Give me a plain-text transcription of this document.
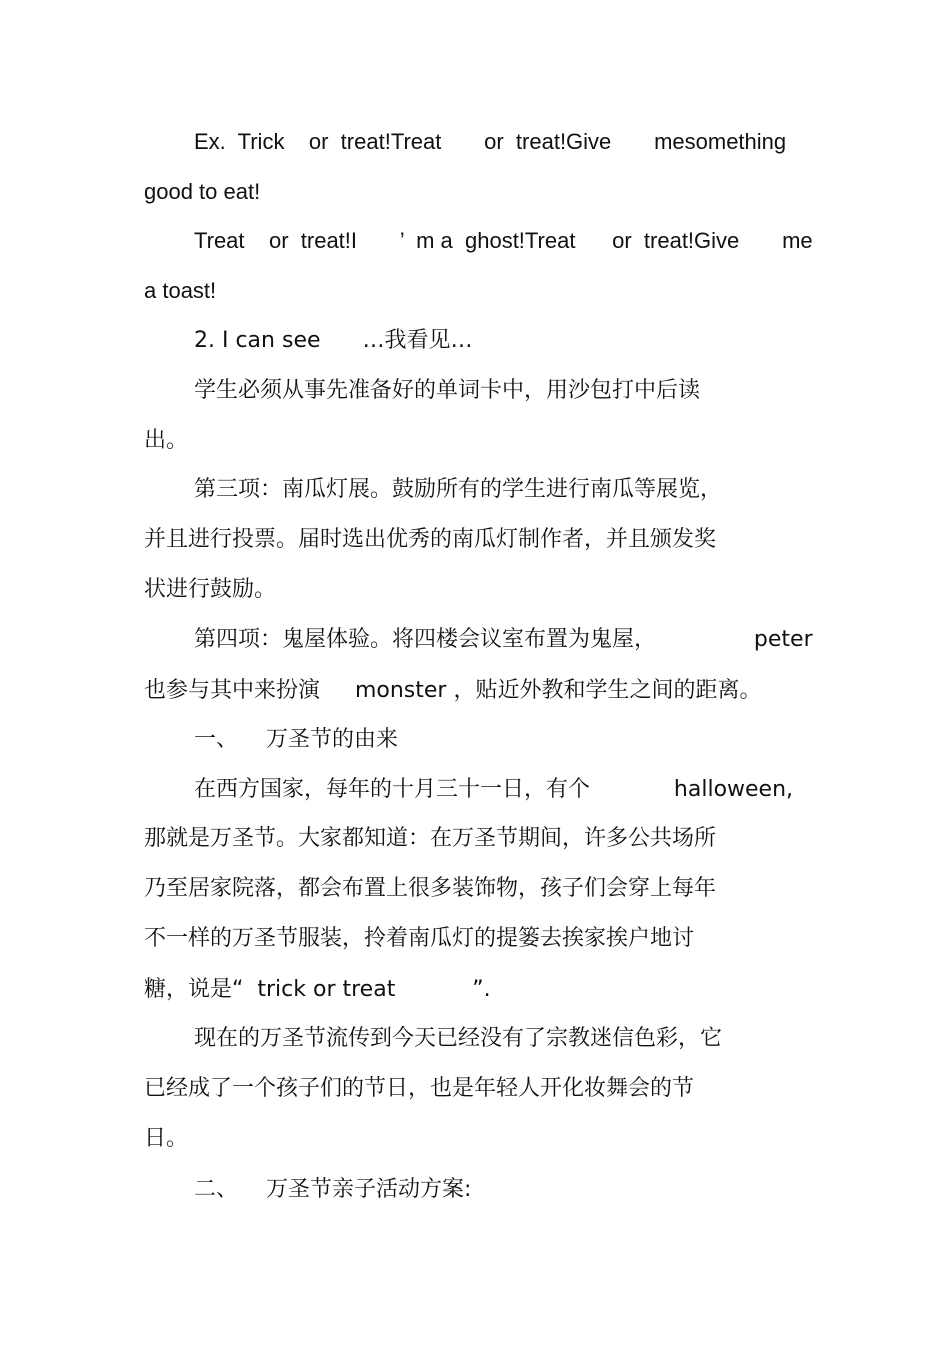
Ex.  Trick    or  treat!Treat       or  treat!Give       mesomething
good to eat!
Treat    or  treat!I       ’  m a  ghost!Treat      or  treat!Give       me
a toast!
2. I can see      …我看见…
学生必须从事先准备好的单词卡中，用沙包打中后读
出。
第三项：南瓜灯展。鼓励所有的学生进行南瓜等展览，
并且进行投票。届时选出优秀的南瓜灯制作者，并且颁发奖
状进行鼓励。
第四项：鬼屋体验。将四楼会议室布置为鬼屋，              peter
也参与其中来扮演     monster ，贴近外教和学生之间的距离。
一、    万圣节的由来
在西方国家，每年的十月三十一日，有个            halloween,
那就是万圣节。大家都知道：在万圣节期间，许多公共场所
乃至居家院落，都会布置上很多装饰物，孩子们会穿上每年
不一样的万圣节服装，拎着南瓜灯的提篓去挨家挨户地讨
糖，说是“  trick or treat           ”.
现在的万圣节流传到今天已经没有了宗教迷信色彩，它
已经成了一个孩子们的节日，也是年轻人开化妆舞会的节
日。
二、    万圣节亲子活动方案:
